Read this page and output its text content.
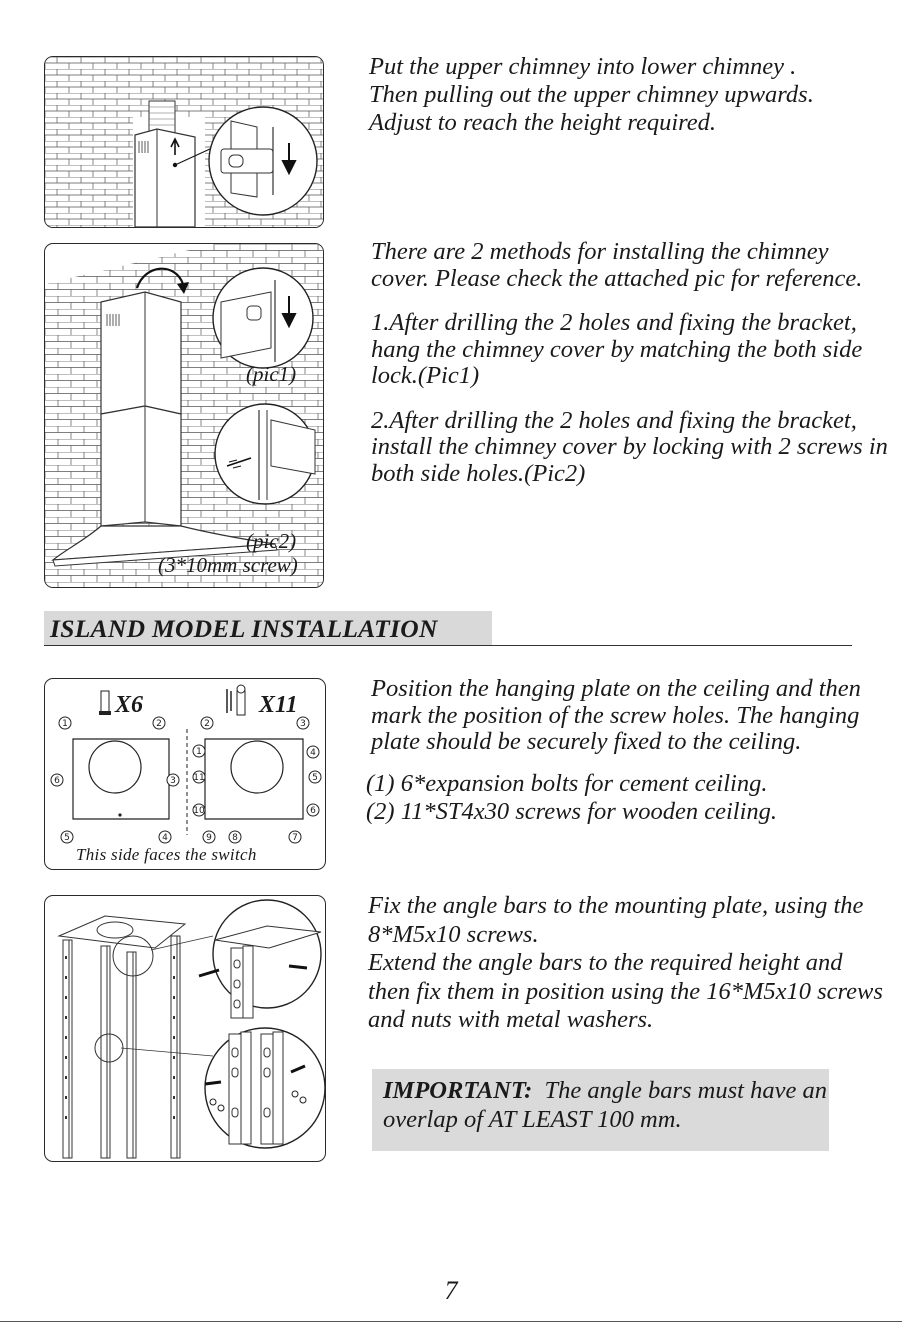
Put the upper chimney into lower chimney .
Then pulling out the upper chimney upwards.
Adjust to reach the height required.
(pic1)
(pic2)
(3*10mm screw)
There are 2 methods for installing the chimney cover. Please check the attached pic for reference.
1.After drilling the 2 holes and fixing the bracket, hang the chimney cover by matching the both side lock.(Pic1)
2.After drilling the 2 holes and fixing the bracket, install the chimney cover by locking with 2 screws in both side holes.(Pic2)
ISLAND MODEL INSTALLATION
1	2
3
4
5
6
1
2	3
4
5
6
7
8
9
10
11
X6	X11
This side faces the switch
Position the hanging plate on the ceiling and then mark the position of the screw holes. The hanging plate should be securely fixed to the ceiling.
(1) 6*expansion bolts for cement ceiling.
(2) 11*ST4x30 screws for wooden ceiling.
Fix the angle bars to the mounting plate, using the 8*M5x10 screws.
Extend the angle bars to the required height and then fix them in position using the 16*M5x10 screws and nuts with metal washers.
IMPORTANT: The angle bars must have an overlap of AT LEAST 100 mm.
7
